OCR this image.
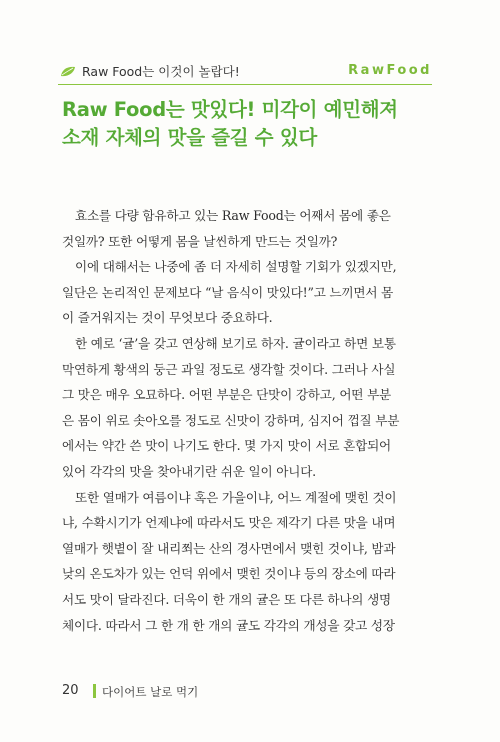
Raw Food는 이것이 놀랍다!	RawFood
Raw Food는 맛있다! 미각이 예민해져
소재 자체의 맛을 즐길 수 있다
효소를 다량 함유하고 있는 Raw Food는 어째서 몸에 좋은
것일까? 또한 어떻게 몸을 날씬하게 만드는 것일까?
이에 대해서는 나중에 좀 더 자세히 설명할 기회가 있겠지만,
일단은 논리적인 문제보다 “날 음식이 맛있다!”고 느끼면서 몸
이 즐거워지는 것이 무엇보다 중요하다.
한 예로 ‘귤’을 갖고 연상해 보기로 하자. 귤이라고 하면 보통
막연하게 황색의 둥근 과일 정도로 생각할 것이다. 그러나 사실
그 맛은 매우 오묘하다. 어떤 부분은 단맛이 강하고, 어떤 부분
은 몸이 위로 솟아오를 정도로 신맛이 강하며, 심지어 껍질 부분
에서는 약간 쓴 맛이 나기도 한다. 몇 가지 맛이 서로 혼합되어
있어 각각의 맛을 찾아내기란 쉬운 일이 아니다.
또한 열매가 여름이냐 혹은 가을이냐, 어느 계절에 맺힌 것이
냐, 수확시기가 언제냐에 따라서도 맛은 제각기 다른 맛을 내며
열매가 햇볕이 잘 내리쬐는 산의 경사면에서 맺힌 것이냐, 밤과
낮의 온도차가 있는 언덕 위에서 맺힌 것이냐 등의 장소에 따라
서도 맛이 달라진다. 더욱이 한 개의 귤은 또 다른 하나의 생명
체이다. 따라서 그 한 개 한 개의 귤도 각각의 개성을 갖고 성장
20 다이어트 날로 먹기
